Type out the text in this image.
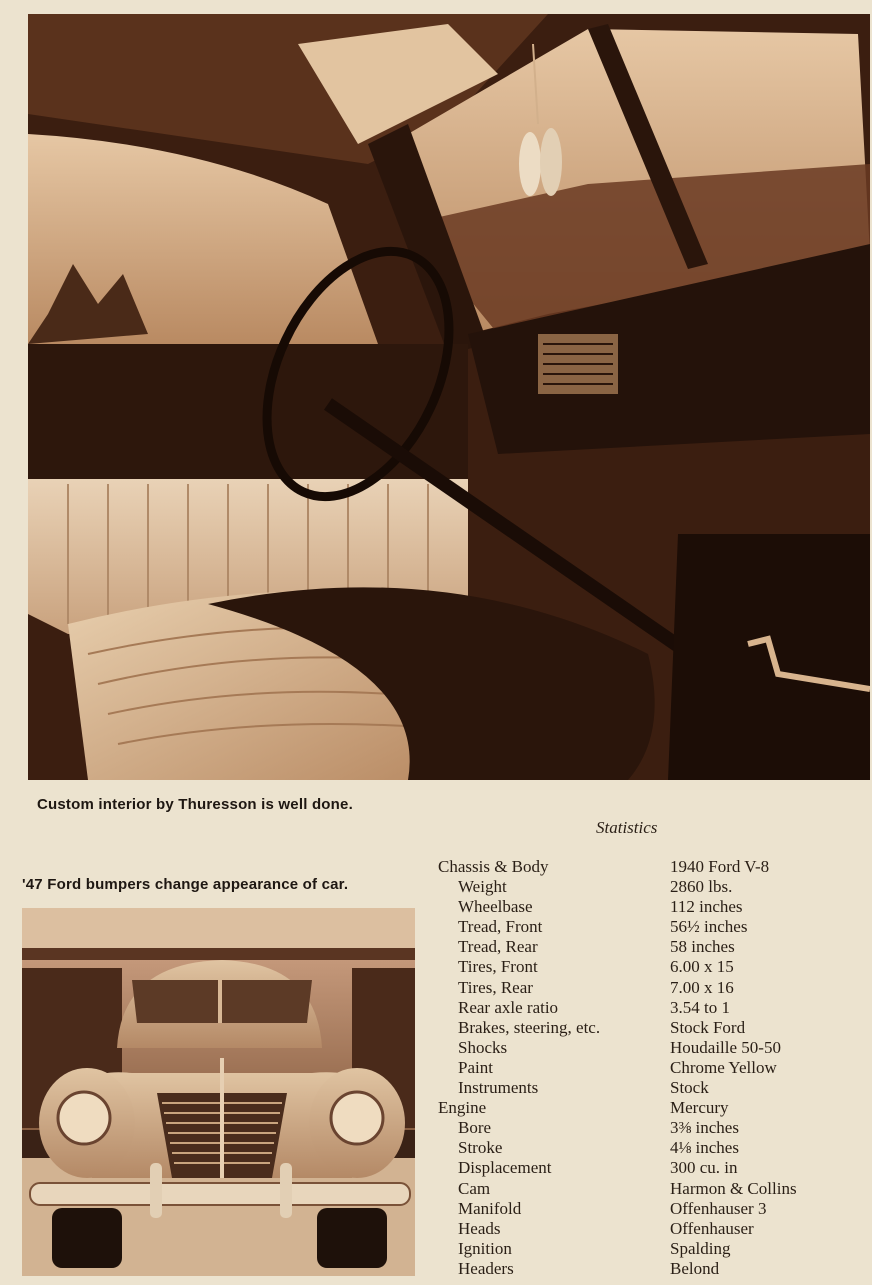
Custom interior by Thuresson is well done.
Statistics
'47 Ford bumpers change appearance of car.
Chassis & Body	1940 Ford V-8
Weight	2860 lbs.
Wheelbase	112 inches
Tread, Front	56½ inches
Tread, Rear	58 inches
Tires, Front	6.00 x 15
Tires, Rear	7.00 x 16
Rear axle ratio	3.54 to 1
Brakes, steering, etc.	Stock Ford
Shocks	Houdaille 50-50
Paint	Chrome Yellow
Instruments	Stock
Engine	Mercury
Bore	3⅜ inches
Stroke	4⅛ inches
Displacement	300 cu. in
Cam	Harmon & Collins
Manifold	Offenhauser 3
Heads	Offenhauser
Ignition	Spalding
Headers	Belond
